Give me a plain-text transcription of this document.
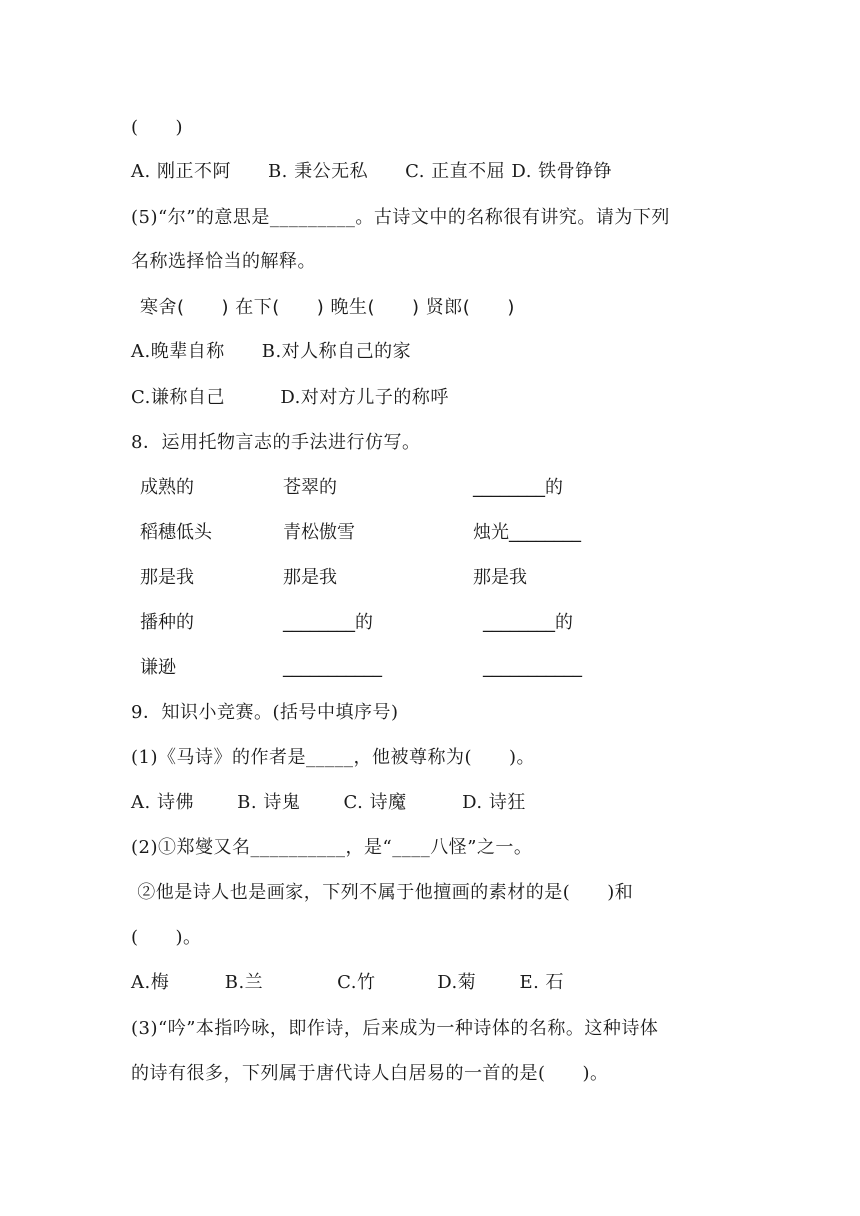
(　　)
A. 刚正不阿　　B. 秉公无私　　C. 正直不屈 D. 铁骨铮铮
(5)“尔”的意思是_________。古诗文中的名称很有讲究。请为下列
名称选择恰当的解释。
寒舍(　　) 在下(　　) 晚生(　　) 贤郎(　　)
A.晚辈自称　　B.对人称自己的家
C.谦称自己　　　D.对对方儿子的称呼
8．运用托物言志的手法进行仿写。
成熟的	苍翠的	________的
稻穗低头	青松傲雪	烛光________
那是我	那是我	那是我
播种的	________的	________的
谦逊	___________	___________
9．知识小竞赛。(括号中填序号)
(1)《马诗》的作者是_____，他被尊称为(　　)。
A. 诗佛　　 B. 诗鬼　　 C. 诗魔　　　D. 诗狂
(2)①郑燮又名__________，是“____八怪”之一。
②他是诗人也是画家，下列不属于他擅画的素材的是(　　)和
(　　)。
A.梅　　　B.兰　　　　C.竹　　　 D.菊　　 E. 石
(3)“吟”本指吟咏，即作诗，后来成为一种诗体的名称。这种诗体
的诗有很多，下列属于唐代诗人白居易的一首的是(　　)。
